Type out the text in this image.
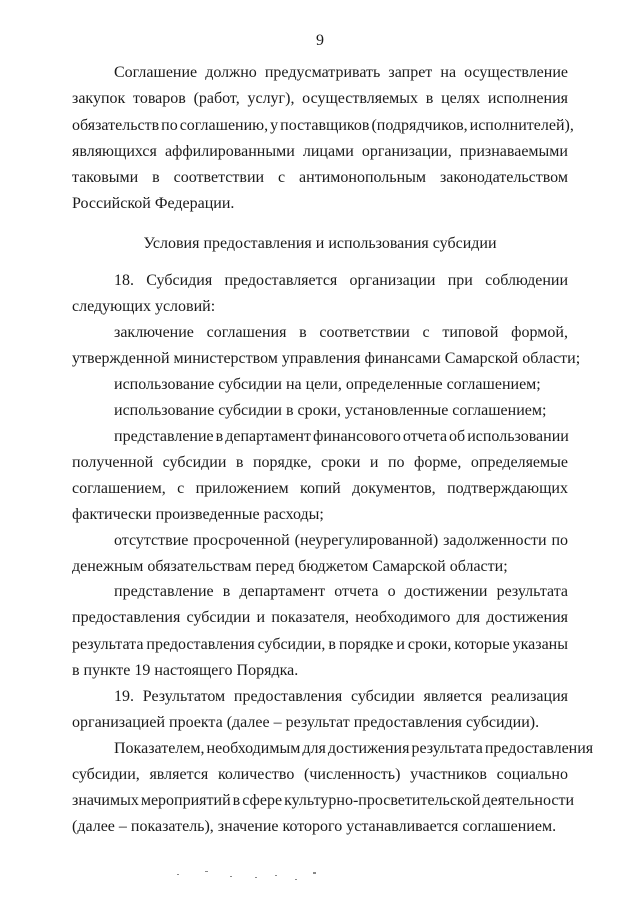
9
Соглашение должно предусматривать запрет на осуществление
закупок товаров (работ, услуг), осуществляемых в целях исполнения
обязательств по соглашению, у поставщиков (подрядчиков, исполнителей),
являющихся аффилированными лицами организации, признаваемыми
таковыми в соответствии с антимонопольным законодательством
Российской Федерации.
Условия предоставления и использования субсидии
18. Субсидия предоставляется организации при соблюдении
следующих условий:
заключение соглашения в соответствии с типовой формой,
утвержденной министерством управления финансами Самарской области;
использование субсидии на цели, определенные соглашением;
использование субсидии в сроки, установленные соглашением;
представление в департамент финансового отчета об использовании
полученной субсидии в порядке, сроки и по форме, определяемые
соглашением, с приложением копий документов, подтверждающих
фактически произведенные расходы;
отсутствие просроченной (неурегулированной) задолженности по
денежным обязательствам перед бюджетом Самарской области;
представление в департамент отчета о достижении результата
предоставления субсидии и показателя, необходимого для достижения
результата предоставления субсидии, в порядке и сроки, которые указаны
в пункте 19 настоящего Порядка.
19. Результатом предоставления субсидии является реализация
организацией проекта (далее – результат предоставления субсидии).
Показателем, необходимым для достижения результата предоставления
субсидии, является количество (численность) участников социально
значимых мероприятий в сфере культурно-просветительской деятельности
(далее – показатель), значение которого устанавливается соглашением.
